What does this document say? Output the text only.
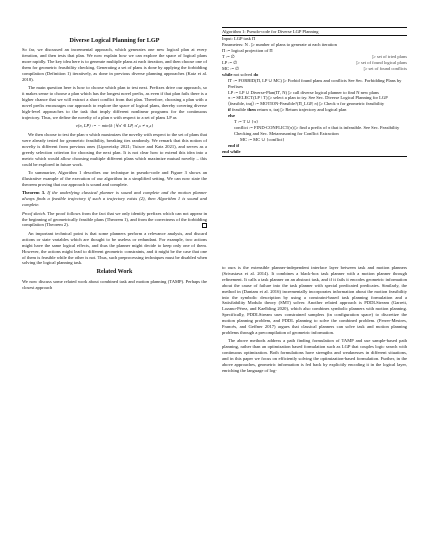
Diverse Logical Planning for LGP

So far, we discussed an incremental approach, which generates one new logical plan at every iteration, and then tests that plan. We now explain how we can explore the space of logical plans more rapidly. The key idea here is to generate multiple plans at each iteration, and then choose one of them for geometric feasibility checking. Generating a set of plans is done by applying the forbidding compilation (Definition 1) iteratively, as done in previous diverse planning approaches (Katz et al. 2018).

The main question here is how to choose which plan to test next. Prefixes drive our approach, so it makes sense to choose a plan which has the longest novel prefix, as even if that plan fails there is a higher chance that we will extract a short conflict from that plan. Therefore, choosing a plan with a novel prefix encourages our approach to explore the space of logical plans, thereby covering diverse high-level approaches to the task that imply different nonlinear programs for the continuous trajectory. Thus, we define the novelty of a plan π with respect to a set of plans LP as

ν(π, LP) := − min{k | ∀π′ ∈ LP, π′₁ₖ ≠ π₁ₖ}

We then choose to test the plan π which maximizes the novelty with respect to the set of plans that were already tested for geometric feasibility, breaking ties randomly. We remark that this notion of novelty is different from previous ones (Lipovetzky 2021; Tuisov and Katz 2021), and serves as a greedy selection criterion for choosing the next plan. It is not clear how to extend this idea into a metric which would allow choosing multiple different plans which maximize mutual novelty – this could be explored in future work.

To summarize, Algorithm 1 describes our technique in pseudo-code and Figure 3 shows an illustrative example of the execution of our algorithm in a simplified setting. We can now state the theorem proving that our approach is sound and complete.

Theorem 3. If the underlying classical planner is sound and complete and the motion planner always finds a feasible trajectory if such a trajectory exists (2), then Algorithm 1 is sound and complete.

Proof sketch. The proof follows from the fact that we only identify prefixes which can not appear in the beginning of geometrically feasible plans (Theorem 1), and from the correctness of the forbidding compilation (Theorem 2).

An important technical point is that some planners perform a relevance analysis, and discard actions or state variables which are thought to be useless or redundant. For example, two actions might have the same logical effects, and thus the planner might decide to keep only one of them. However, the actions might lead to different geometric constraints, and it might be the case that one of them is feasible while the other is not. Thus, such preprocessing techniques must be disabled when solving the logical planning task.

Related Work

We now discuss some related work about combined task and motion planning (TAMP). Perhaps the closest approach

Algorithm 1: Pseudo-code for Diverse LGP Planning
Input: LGP task Π
Parameters: N . ▷ number of plans to generate at each iteration
Π := logical projection of Π
T := ∅	▷ set of tried plans
LP := ∅	▷ set of found logical plans
MC := ∅	▷ set of found conflicts
while not solved do
Π′ := FORBID(Π, LP ∪ MC) ▷ Forbid found plans and conflicts See Sec. Forbidding Plans by Prefixes
LP := LP ∪ Diverse-Plan(Π′, N) ▷ call diverse logical planner to find N new plans
π := SELECT(LP \ T) ▷ select a plan to try. See Sec. Diverse Logical Planning for LGP
⟨feasible, traj⟩ := MOTION-Feasible?(Π_LGP, π) ▷ Check π for geometric feasibility
if feasible then return π, traj ▷ Return trajectory and logical plan
else
T := T ∪ {π}
conflict := FIND-CONFLICT(π) ▷ find a prefix of π that is infeasible. See Sec. Feasibility Checking and Sec. Metareasoning for Conflict Extraction
MC := MC ∪ {conflict}
end if
end while

to ours is the extensible planner-independent interface layer between task and motion planners (Srivastava et al. 2014). It combines a black-box task planner with a motion planner through refinement. It calls a task planner on an abstract task, and if it fails it encodes geometric information about the cause of failure into the task planner with special predicated predicates. Similarly, the method in (Dantam et al. 2016) incrementally incorporates information about the motion feasibility into the symbolic description by using a constraint-based task planning formulation and a Satisfiability Modulo theory (SMT) solver. Another related approach is PDDLStream (Garrett, Lozano-Pérez, and Kaelbling 2020), which also combines symbolic planners with motion planning. Specifically, PDDLStream uses constrained samplers (in configuration space) to discretize the motion planning problem, and PDDL planning to solve the combined problem. (Ferrer-Mestres, Francès, and Geffner 2017) argues that classical planners can solve task and motion planning problems through a precompilation of geometric information.

The above methods address a path finding formulation of TAMP and use sample-based path planning, rather than an optimization based formulation such as LGP that couples logic search with continuous optimization. Both formulations have strengths and weaknesses in different situations, and in this paper we focus on efficiently solving the optimization-based formulation. Further, in the above approaches, geometric information is fed back by explicitly encoding it in the logical layer, enriching the language of log-
